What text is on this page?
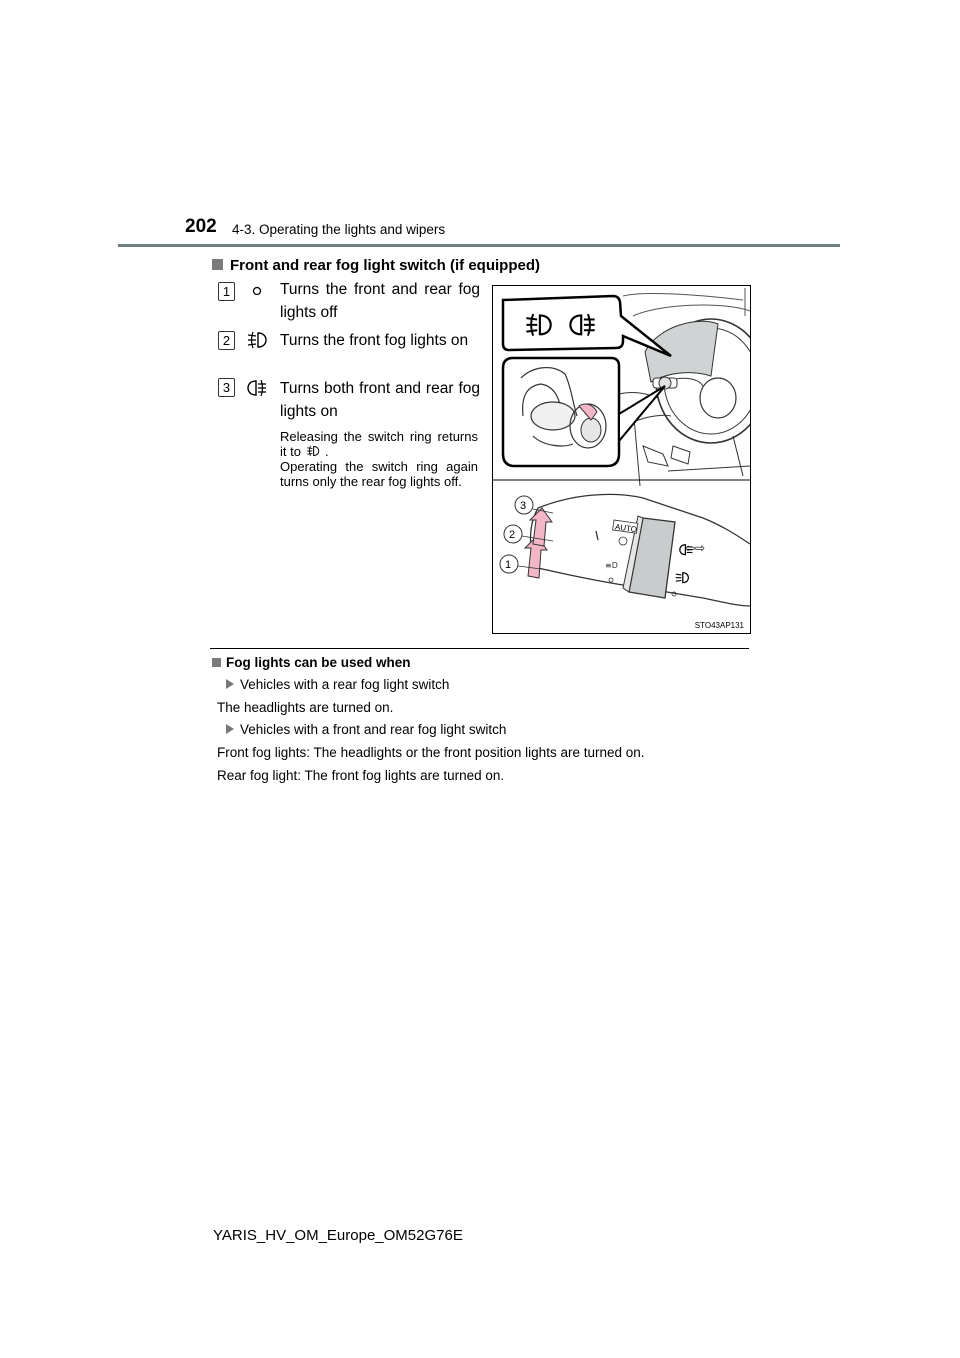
202 4-3. Operating the lights and wipers
Front and rear fog light switch (if equipped)
1	Turns the front and rear fog lights off
2	Turns the front fog lights on
3	Turns both front and rear fog lights on
Releasing the switch ring returns it to .
Operating the switch ring again turns only the rear fog lights off.
AUTO
≡D
⇦⇨
3
2
1
STO43AP131
Fog lights can be used when
Vehicles with a rear fog light switch
The headlights are turned on.
Vehicles with a front and rear fog light switch
Front fog lights: The headlights or the front position lights are turned on.
Rear fog light: The front fog lights are turned on.
YARIS_HV_OM_Europe_OM52G76E
